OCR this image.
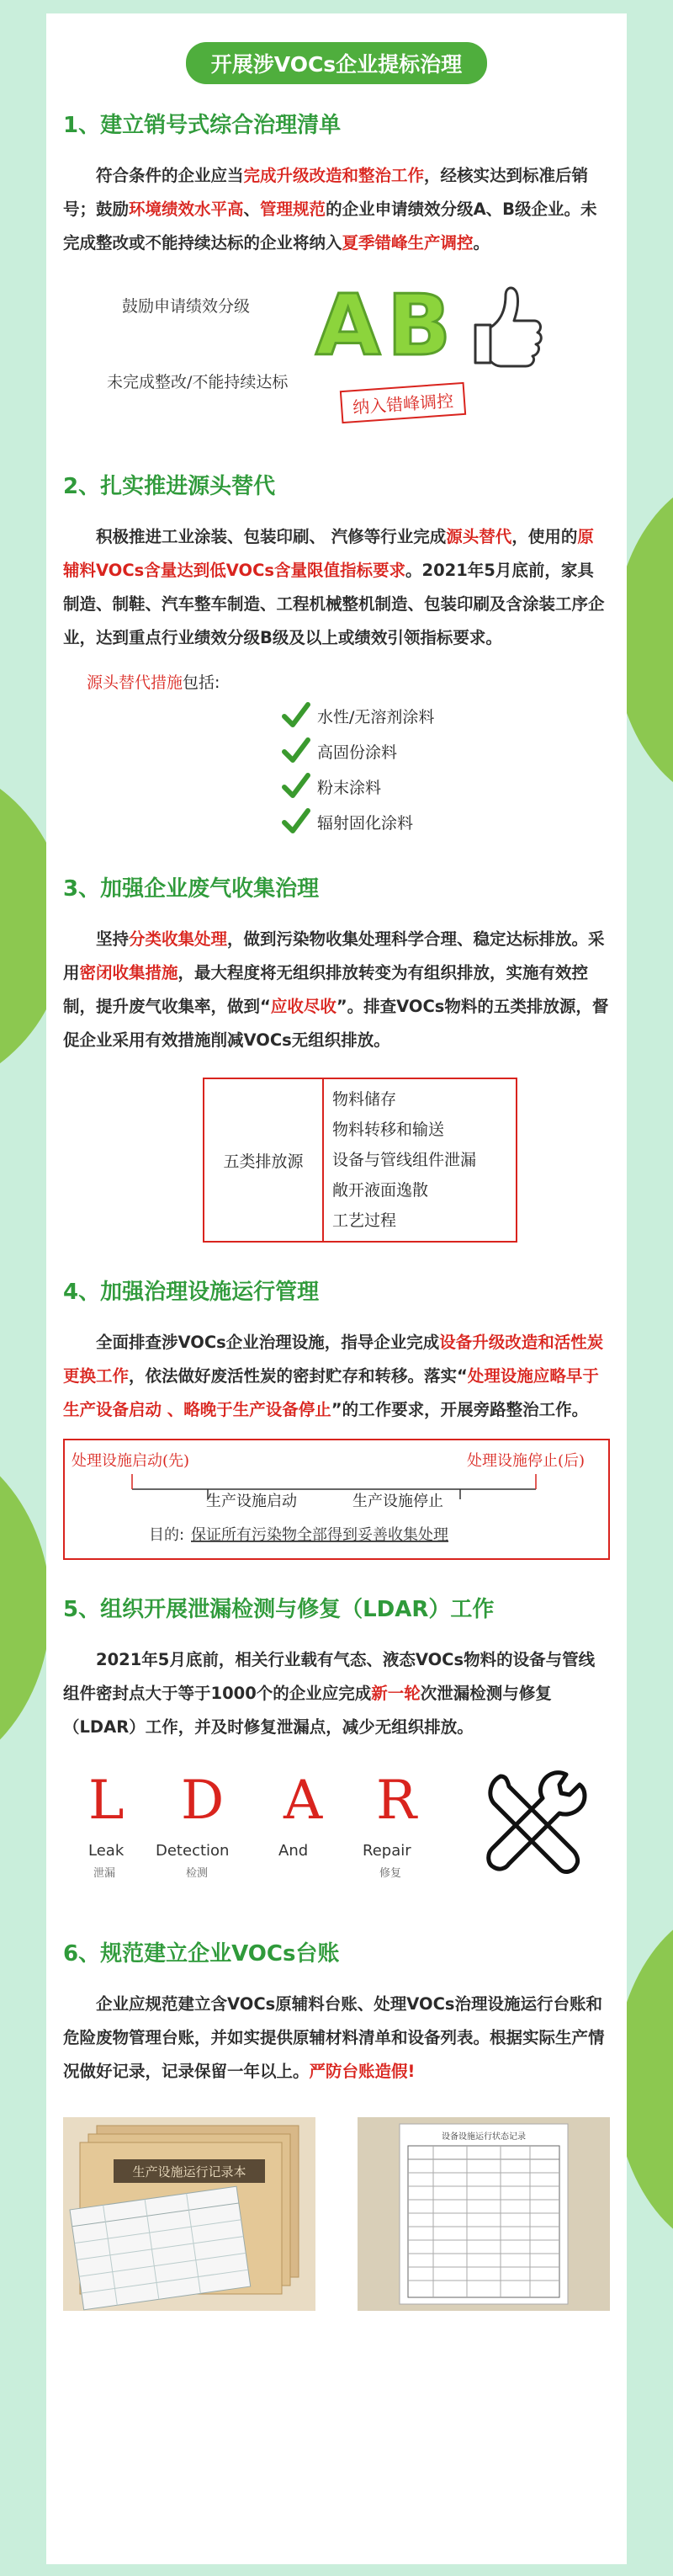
开展涉VOCs企业提标治理
1、建立销号式综合治理清单

符合条件的企业应当完成升级改造和整治工作，经核实达到标准后销号；鼓励环境绩效水平高、管理规范的企业申请绩效分级A、B级企业。未完成整改或不能持续达标的企业将纳入夏季错峰生产调控。

鼓励申请绩效分级
未完成整改/不能持续达标
A B
纳入错峰调控
2、扎实推进源头替代

积极推进工业涂装、包装印刷、 汽修等行业完成源头替代，使用的原辅料VOCs含量达到低VOCs含量限值指标要求。2021年5月底前，家具制造、制鞋、汽车整车制造、工程机械整机制造、包装印刷及含涂装工序企业，达到重点行业绩效分级B级及以上或绩效引领指标要求。

源头替代措施包括:
水性/无溶剂涂料
高固份涂料
粉末涂料
辐射固化涂料
3、加强企业废气收集治理

坚持分类收集处理，做到污染物收集处理科学合理、稳定达标排放。采用密闭收集措施，最大程度将无组织排放转变为有组织排放，实施有效控制，提升废气收集率，做到“应收尽收”。排查VOCs物料的五类排放源，督促企业采用有效措施削减VOCs无组织排放。

五类排放源
物料储存
物料转移和输送
设备与管线组件泄漏
敞开液面逸散
工艺过程
4、加强治理设施运行管理

全面排查涉VOCs企业治理设施，指导企业完成设备升级改造和活性炭更换工作，依法做好废活性炭的密封贮存和转移。落实“处理设施应略早于生产设备启动 、略晚于生产设备停止”的工作要求，开展旁路整治工作。

处理设施启动(先)	处理设施停止(后)
生产设施启动	生产设施停止
目的: 保证所有污染物全部得到妥善收集处理
5、组织开展泄漏检测与修复（LDAR）工作

2021年5月底前，相关行业载有气态、液态VOCs物料的设备与管线组件密封点大于等于1000个的企业应完成新一轮次泄漏检测与修复（LDAR）工作，并及时修复泄漏点，减少无组织排放。

L D A R
Leak Detection	And	Repair
泄漏	检测	修复
6、规范建立企业VOCs台账

企业应规范建立含VOCs原辅料台账、处理VOCs治理设施运行台账和危险废物管理台账，并如实提供原辅材料清单和设备列表。根据实际生产情况做好记录，记录保留一年以上。严防台账造假!

生产设施运行记录本
设备设施运行状态记录
